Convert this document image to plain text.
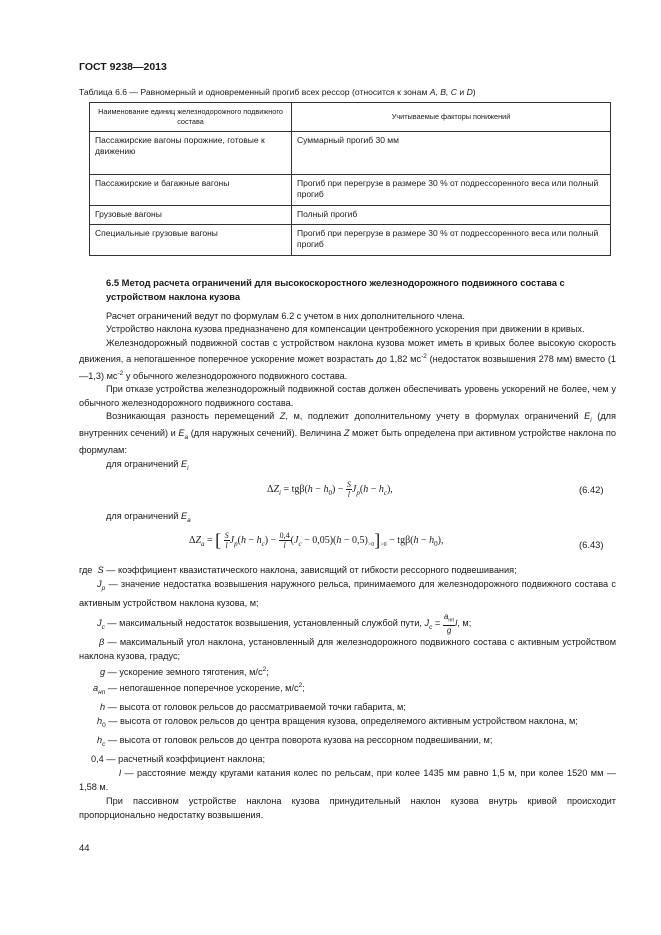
ГОСТ 9238—2013
Таблица 6.6 — Равномерный и одновременный прогиб всех рессор (относится к зонам A, B, C и D)
Наименование единиц железнодорожного подвижного состава	Учитываемые факторы понижений
Пассажирские вагоны порожние, готовые к движению	Суммарный прогиб 30 мм
Пассажирские и багажные вагоны	Прогиб при перегрузе в размере 30 % от подрессоренного веса или полный прогиб
Грузовые вагоны	Полный прогиб
Специальные грузовые вагоны	Прогиб при перегрузе в размере 30 % от подрессоренного веса или полный прогиб
6.5 Метод расчета ограничений для высокоскоростного железнодорожного подвижного состава с устройством наклона кузова
Расчет ограничений ведут по формулам 6.2 с учетом в них дополнительного члена.
Устройство наклона кузова предназначено для компенсации центробежного ускорения при движении в кривых.
Железнодорожный подвижной состав с устройством наклона кузова может иметь в кривых более высокую скорость движения, а непогашенное поперечное ускорение может возрастать до 1,82 $мс^{-2}$ (недостаток возвышения 278 мм) вместо (1—1,3) $мс^{-2}$ у обычного железнодорожного подвижного состава.
При отказе устройства железнодорожный подвижной состав должен обеспечивать уровень ускорений не более, чем у обычного железнодорожного подвижного состава.
Возникающая разность перемещений Z, м, подлежит дополнительному учету в формулах ограничений $E_i$ (для внутренних сечений) и $E_a$ (для наружных сечений). Величина Z может быть определена при активном устройстве наклона по формулам:
для ограничений $E_i$
$\Delta Z_i = tg\beta(h - h_0) - \frac{S}{l} J_p(h - h_c)$,	(6.42)
для ограничений $E_a$
$\Delta Z_a$ = [ $\frac{S}{l} J_p(h - h_c) - \frac{0,4}{l} (J_c - 0,05)(h - 0,5)_{>0}]_{>0} - tg\beta(h - h_0)$,	(6.43)
где  S — коэффициент квазистатического наклона, зависящий от гибкости рессорного подвешивания;
$J_p$ — значение недостатка возвышения наружного рельса, принимаемого для железнодорожного подвижного состава с активным устройством наклона кузова, м;
$J_c$ — максимальный недостаток возвышения, установленный службой пути, $J_c = \frac{a_{нп}}{g} l$, м;
β — максимальный угол наклона, установленный для железнодорожного подвижного состава с активным устройством наклона кузова, градус;
g — ускорение земного тяготения, $м/с^2$;
$a_{нп}$ — непогашенное поперечное ускорение, $м/с^2$;
h — высота от головок рельсов до рассматриваемой точки габарита, м;
$h_0$ — высота от головок рельсов до центра вращения кузова, определяемого активным устройством наклона, м;
$h_c$ — высота от головок рельсов до центра поворота кузова на рессорном подвешивании, м;
0,4 — расчетный коэффициент наклона;
l — расстояние между кругами катания колес по рельсам, при колее 1435 мм равно 1,5 м, при колее 1520 мм — 1,58 м.
При пассивном устройстве наклона кузова принудительный наклон кузова внутрь кривой происходит пропорционально недостатку возвышения.
44
